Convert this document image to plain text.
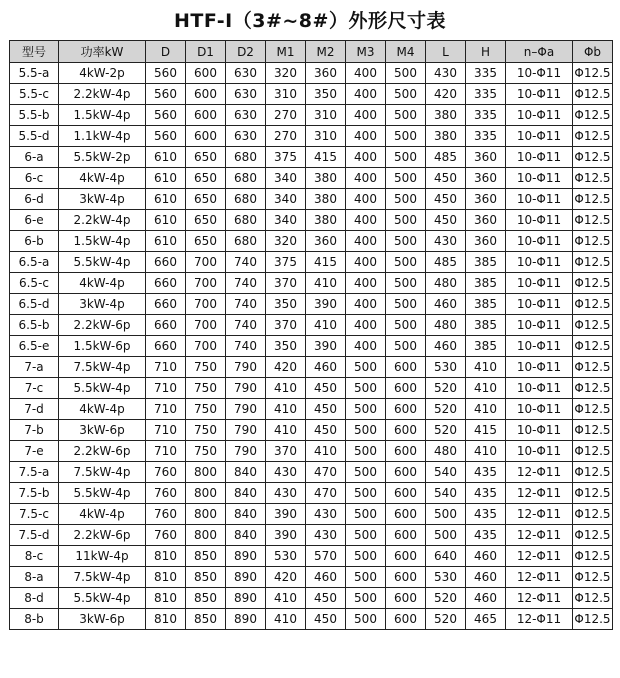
HTF-I（3#~8#）外形尺寸表
型号	功率kW	D	D1	D2	M1	M2	M3	M4	L	H	n–Φa	Φb
5.5-a	4kW-2p	560	600	630	320	360	400	500	430	335	10-Φ11	Φ12.5
5.5-c	2.2kW-4p	560	600	630	310	350	400	500	420	335	10-Φ11	Φ12.5
5.5-b	1.5kW-4p	560	600	630	270	310	400	500	380	335	10-Φ11	Φ12.5
5.5-d	1.1kW-4p	560	600	630	270	310	400	500	380	335	10-Φ11	Φ12.5
6-a	5.5kW-2p	610	650	680	375	415	400	500	485	360	10-Φ11	Φ12.5
6-c	4kW-4p	610	650	680	340	380	400	500	450	360	10-Φ11	Φ12.5
6-d	3kW-4p	610	650	680	340	380	400	500	450	360	10-Φ11	Φ12.5
6-e	2.2kW-4p	610	650	680	340	380	400	500	450	360	10-Φ11	Φ12.5
6-b	1.5kW-4p	610	650	680	320	360	400	500	430	360	10-Φ11	Φ12.5
6.5-a	5.5kW-4p	660	700	740	375	415	400	500	485	385	10-Φ11	Φ12.5
6.5-c	4kW-4p	660	700	740	370	410	400	500	480	385	10-Φ11	Φ12.5
6.5-d	3kW-4p	660	700	740	350	390	400	500	460	385	10-Φ11	Φ12.5
6.5-b	2.2kW-6p	660	700	740	370	410	400	500	480	385	10-Φ11	Φ12.5
6.5-e	1.5kW-6p	660	700	740	350	390	400	500	460	385	10-Φ11	Φ12.5
7-a	7.5kW-4p	710	750	790	420	460	500	600	530	410	10-Φ11	Φ12.5
7-c	5.5kW-4p	710	750	790	410	450	500	600	520	410	10-Φ11	Φ12.5
7-d	4kW-4p	710	750	790	410	450	500	600	520	410	10-Φ11	Φ12.5
7-b	3kW-6p	710	750	790	410	450	500	600	520	415	10-Φ11	Φ12.5
7-e	2.2kW-6p	710	750	790	370	410	500	600	480	410	10-Φ11	Φ12.5
7.5-a	7.5kW-4p	760	800	840	430	470	500	600	540	435	12-Φ11	Φ12.5
7.5-b	5.5kW-4p	760	800	840	430	470	500	600	540	435	12-Φ11	Φ12.5
7.5-c	4kW-4p	760	800	840	390	430	500	600	500	435	12-Φ11	Φ12.5
7.5-d	2.2kW-6p	760	800	840	390	430	500	600	500	435	12-Φ11	Φ12.5
8-c	11kW-4p	810	850	890	530	570	500	600	640	460	12-Φ11	Φ12.5
8-a	7.5kW-4p	810	850	890	420	460	500	600	530	460	12-Φ11	Φ12.5
8-d	5.5kW-4p	810	850	890	410	450	500	600	520	460	12-Φ11	Φ12.5
8-b	3kW-6p	810	850	890	410	450	500	600	520	465	12-Φ11	Φ12.5
